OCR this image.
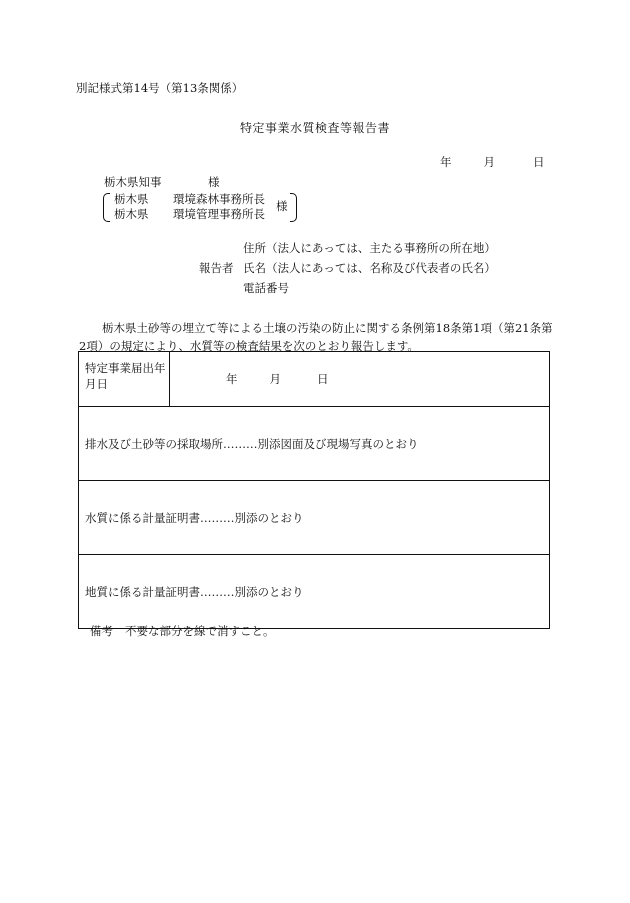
別記様式第14号（第13条関係）
特定事業水質検査等報告書
年	月	日
栃木県知事	様
栃木県 環境森林事務所長
栃木県 環境管理事務所長
様
住所（法人にあっては、主たる事務所の所在地）
報告者 氏名（法人にあっては、名称及び代表者の氏名）
電話番号
栃木県土砂等の埋立て等による土壌の汚染の防止に関する条例第18条第1項（第21条第2項）の規定により、水質等の検査結果を次のとおり報告します。
特定事業届出年月日	年	月	日
排水及び土砂等の採取場所………別添図面及び現場写真のとおり
水質に係る計量証明書………別添のとおり
地質に係る計量証明書………別添のとおり
備考 不要な部分を線で消すこと。
